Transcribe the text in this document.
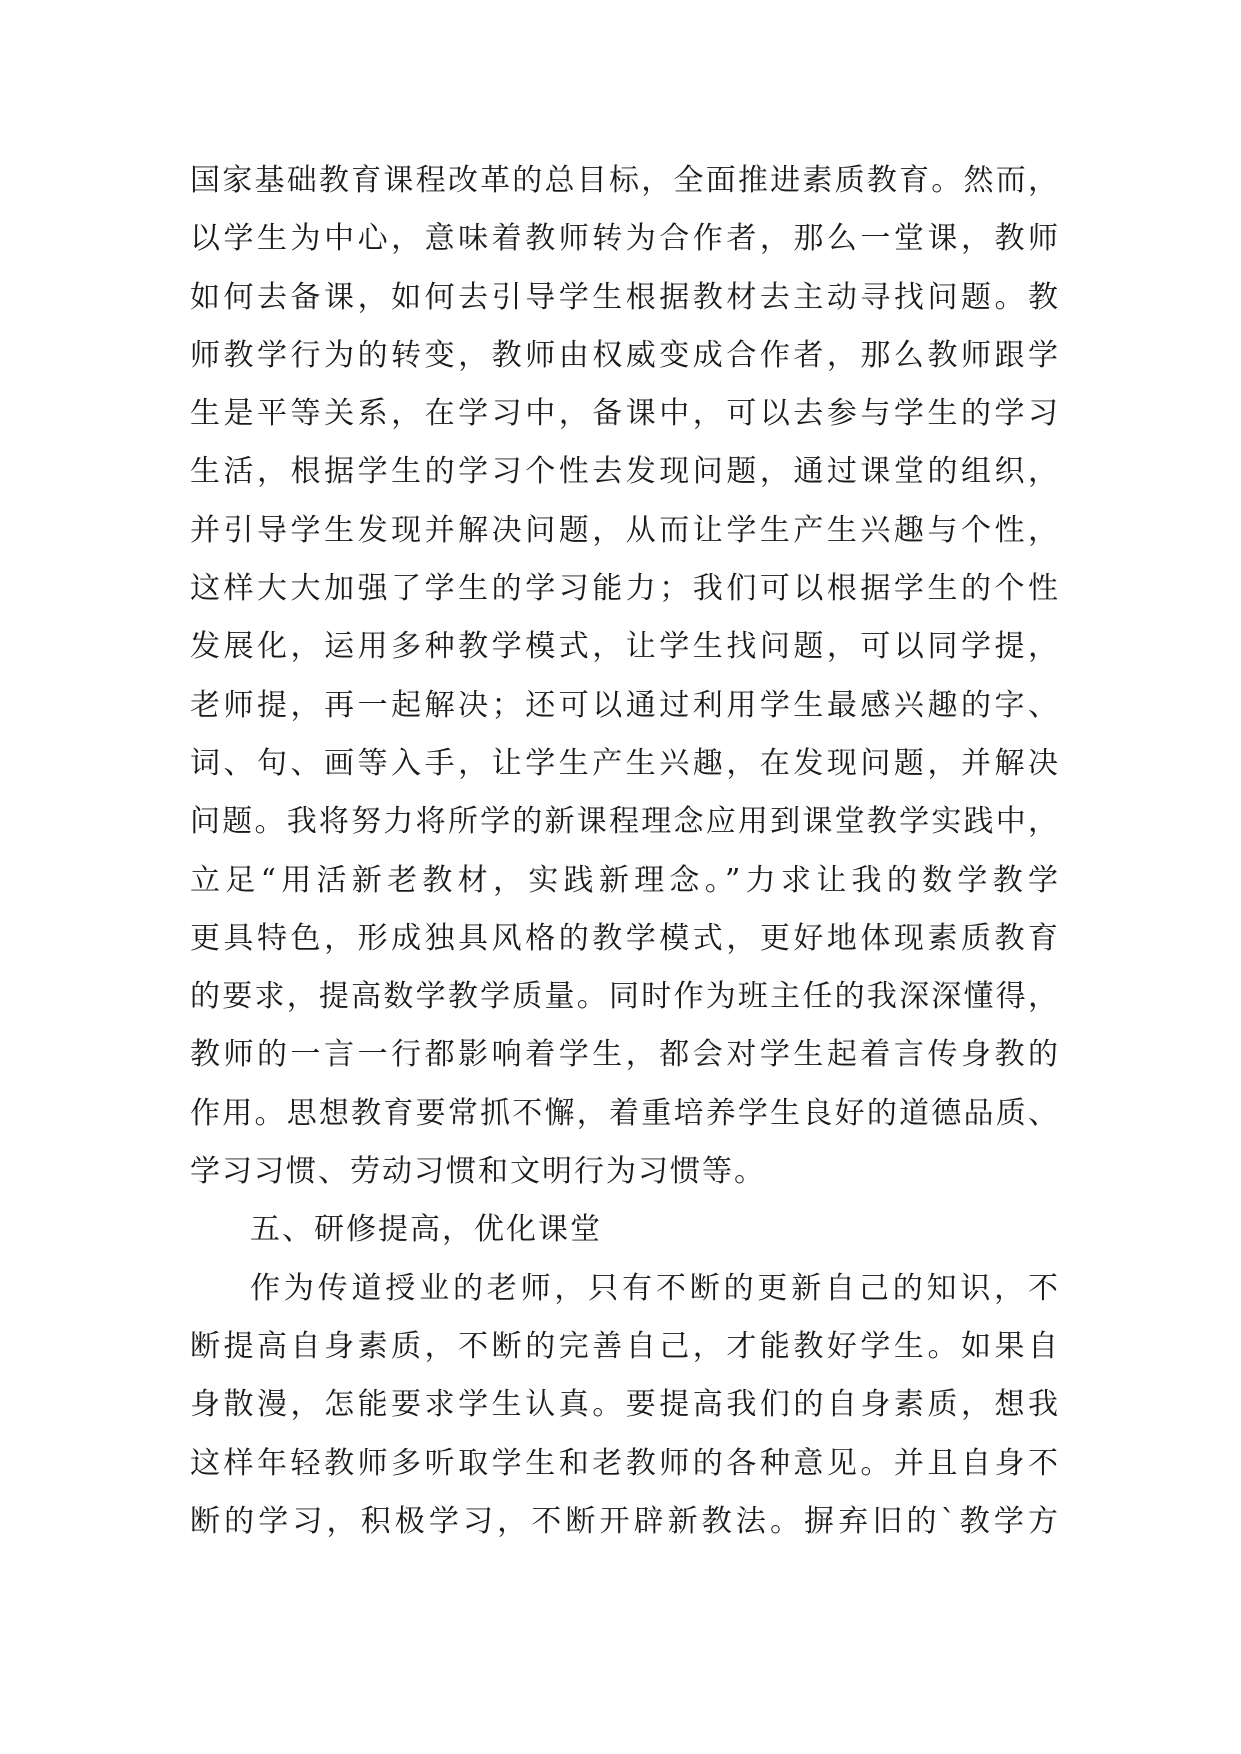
国家基础教育课程改革的总目标，全面推进素质教育。然而，
以学生为中心，意味着教师转为合作者，那么一堂课，教师
如何去备课，如何去引导学生根据教材去主动寻找问题。教
师教学行为的转变，教师由权威变成合作者，那么教师跟学
生是平等关系，在学习中，备课中，可以去参与学生的学习
生活，根据学生的学习个性去发现问题，通过课堂的组织，
并引导学生发现并解决问题，从而让学生产生兴趣与个性，
这样大大加强了学生的学习能力；我们可以根据学生的个性
发展化，运用多种教学模式，让学生找问题，可以同学提，
老师提，再一起解决；还可以通过利用学生最感兴趣的字、
词、句、画等入手，让学生产生兴趣，在发现问题，并解决
问题。我将努力将所学的新课程理念应用到课堂教学实践中，
立足“用活新老教材，实践新理念。”力求让我的数学教学
更具特色，形成独具风格的教学模式，更好地体现素质教育
的要求，提高数学教学质量。同时作为班主任的我深深懂得，
教师的一言一行都影响着学生，都会对学生起着言传身教的
作用。思想教育要常抓不懈，着重培养学生良好的道德品质、
学习习惯、劳动习惯和文明行为习惯等。
五、研修提高，优化课堂
作为传道授业的老师，只有不断的更新自己的知识，不
断提高自身素质，不断的完善自己，才能教好学生。如果自
身散漫，怎能要求学生认真。要提高我们的自身素质，想我
这样年轻教师多听取学生和老教师的各种意见。并且自身不
断的学习，积极学习，不断开辟新教法。摒弃旧的`教学方
